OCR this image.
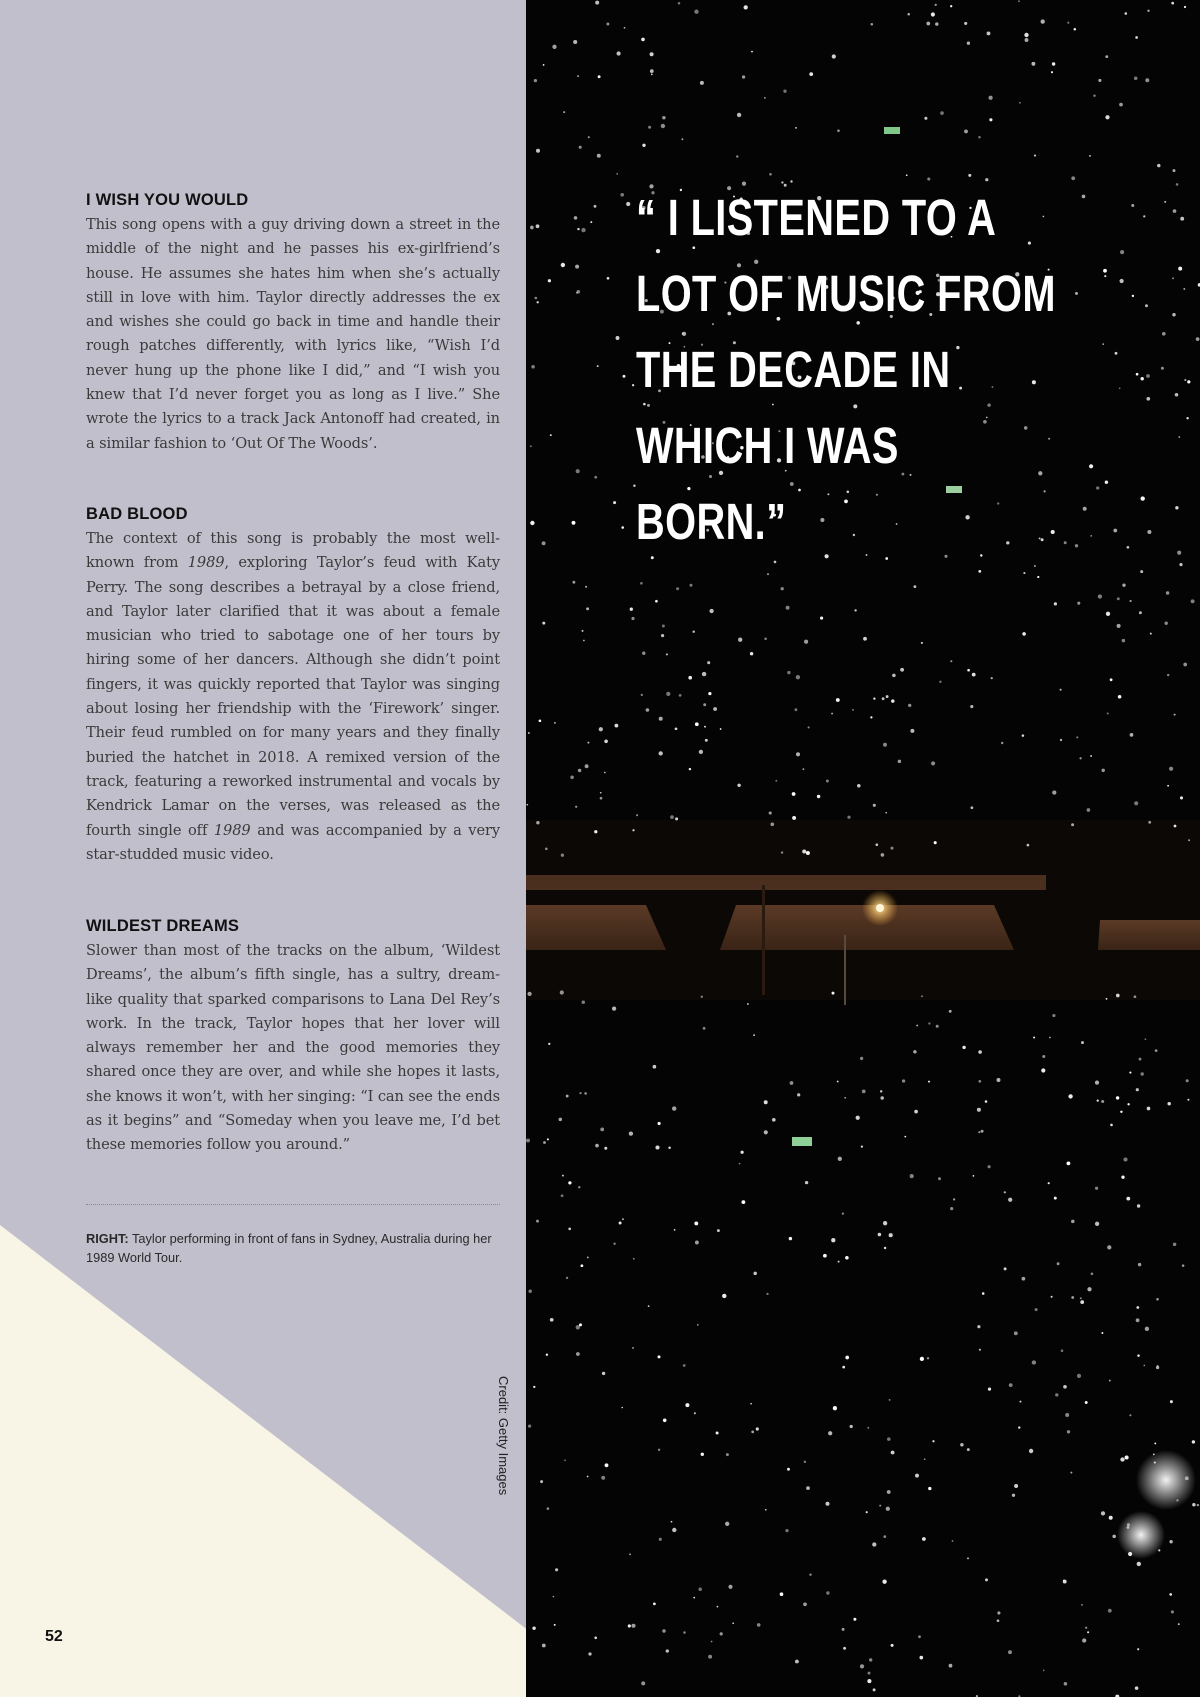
I WISH YOU WOULD

This song opens with a guy driving down a street in the middle of the night and he passes his ex-girlfriend’s house. He assumes she hates him when she’s actually still in love with him. Taylor directly addresses the ex and wishes she could go back in time and handle their rough patches differently, with lyrics like, “Wish I’d never hung up the phone like I did,” and “I wish you knew that I’d never forget you as long as I live.” She wrote the lyrics to a track Jack Antonoff had created, in a similar fashion to ‘Out Of The Woods’.

BAD BLOOD

The context of this song is probably the most well-known from 1989, exploring Taylor’s feud with Katy Perry. The song describes a betrayal by a close friend, and Taylor later clarified that it was about a female musician who tried to sabotage one of her tours by hiring some of her dancers. Although she didn’t point fingers, it was quickly reported that Taylor was singing about losing her friendship with the ‘Firework’ singer. Their feud rumbled on for many years and they finally buried the hatchet in 2018. A remixed version of the track, featuring a reworked instrumental and vocals by Kendrick Lamar on the verses, was released as the fourth single off 1989 and was accompanied by a very star-studded music video.

WILDEST DREAMS

Slower than most of the tracks on the album, ‘Wildest Dreams’, the album’s fifth single, has a sultry, dream-like quality that sparked comparisons to Lana Del Rey’s work. In the track, Taylor hopes that her lover will always remember her and the good memories they shared once they are over, and while she hopes it lasts, she knows it won’t, with her singing: “I can see the ends as it begins” and “Someday when you leave me, I’d bet these memories follow you around.”

RIGHT: Taylor performing in front of fans in Sydney, Australia during her 1989 World Tour.

Credit: Getty Images

“ I LISTENED TO A LOT OF MUSIC FROM THE DECADE IN WHICH I WAS BORN.”

52
